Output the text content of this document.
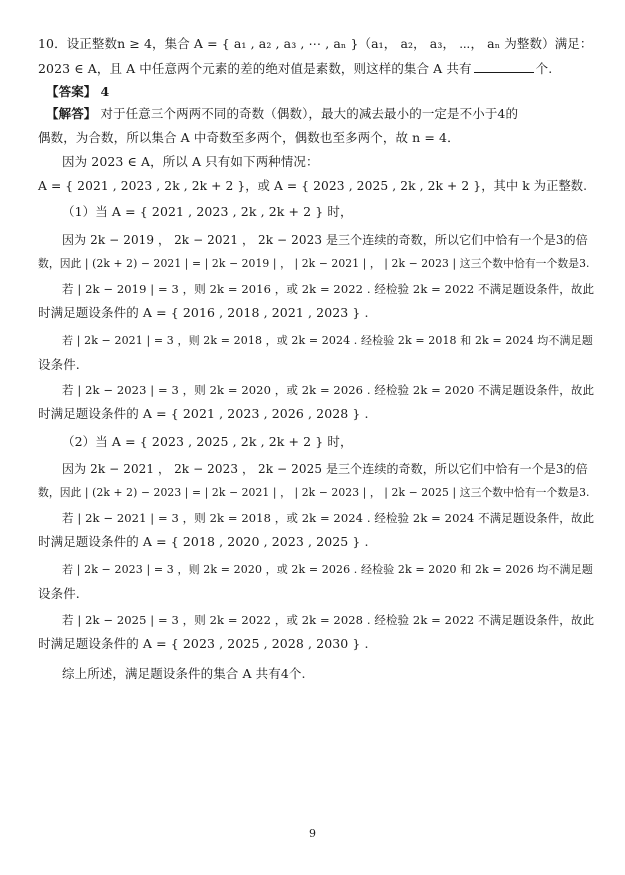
10．设正整数n ≥ 4，集合 A = { a₁ , a₂ , a₃ , ⋯ , aₙ }（a₁， a₂， a₃， ⋯， aₙ 为整数）满足：
2023 ∈ A，且 A 中任意两个元素的差的绝对值是素数，则这样的集合 A 共有	个.
【答案】 4
【解答】 对于任意三个两两不同的奇数（偶数），最大的减去最小的一定是不小于4的
偶数，为合数，所以集合 A 中奇数至多两个，偶数也至多两个，故 n = 4．
因为 2023 ∈ A，所以 A 只有如下两种情况：
A = { 2021 , 2023 , 2k , 2k + 2 }，或 A = { 2023 , 2025 , 2k , 2k + 2 }，其中 k 为正整数.
（1）当 A = { 2021 , 2023 , 2k , 2k + 2 } 时，
因为 2k − 2019 ， 2k − 2021 ， 2k − 2023 是三个连续的奇数，所以它们中恰有一个是3的倍
数，因此 | (2k + 2) − 2021 | = | 2k − 2019 | ， | 2k − 2021 | ， | 2k − 2023 | 这三个数中恰有一个数是3.
若 | 2k − 2019 | = 3 ，则 2k = 2016 ，或 2k = 2022 . 经检验 2k = 2022 不满足题设条件，故此
时满足题设条件的 A = { 2016 , 2018 , 2021 , 2023 } .
若 | 2k − 2021 | = 3 ，则 2k = 2018 ，或 2k = 2024 . 经检验 2k = 2018 和 2k = 2024 均不满足题
设条件.
若 | 2k − 2023 | = 3 ，则 2k = 2020 ，或 2k = 2026 . 经检验 2k = 2020 不满足题设条件，故此
时满足题设条件的 A = { 2021 , 2023 , 2026 , 2028 } .
（2）当 A = { 2023 , 2025 , 2k , 2k + 2 } 时，
因为 2k − 2021 ， 2k − 2023 ， 2k − 2025 是三个连续的奇数，所以它们中恰有一个是3的倍
数，因此 | (2k + 2) − 2023 | = | 2k − 2021 | ， | 2k − 2023 | ， | 2k − 2025 | 这三个数中恰有一个数是3.
若 | 2k − 2021 | = 3 ，则 2k = 2018 ，或 2k = 2024 . 经检验 2k = 2024 不满足题设条件，故此
时满足题设条件的 A = { 2018 , 2020 , 2023 , 2025 } .
若 | 2k − 2023 | = 3 ，则 2k = 2020 ，或 2k = 2026 . 经检验 2k = 2020 和 2k = 2026 均不满足题
设条件.
若 | 2k − 2025 | = 3 ，则 2k = 2022 ，或 2k = 2028 . 经检验 2k = 2022 不满足题设条件，故此
时满足题设条件的 A = { 2023 , 2025 , 2028 , 2030 } .
综上所述，满足题设条件的集合 A 共有4个.
9
